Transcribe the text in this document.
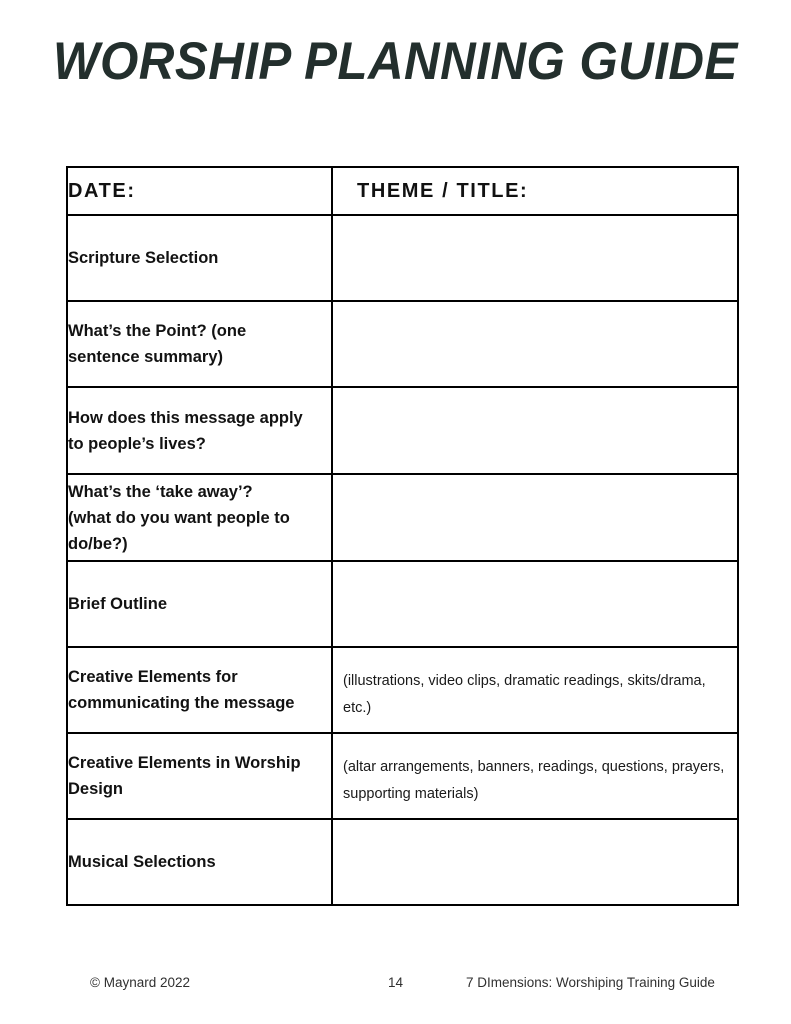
WORSHIP PLANNING GUIDE
DATE:	THEME / TITLE:

Scripture Selection	

What’s the Point? (one
sentence summary)	

How does this message apply
to people’s lives?	

What’s the ‘take away’?
(what do you want people to
do/be?)	

Brief Outline	

Creative Elements for
communicating the message	(illustrations, video clips, dramatic readings, skits/drama, etc.)

Creative Elements in Worship
Design	(altar arrangements, banners, readings, questions, prayers,
supporting materials)

Musical Selections	

© Maynard 2022	14	7 DImensions: Worshiping Training Guide
